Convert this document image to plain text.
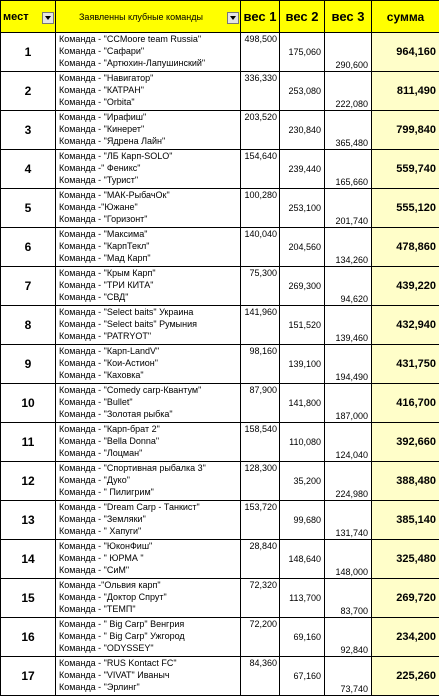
мест	Заявленны клубные команды	вес 1	вес 2	вес 3	сумма
1	Команда - "CCMoore team Russia"
Команда - "Сафари"
Команда - "Артюхин-Лапушинский"	498,500	175,060	290,600	964,160
2	Команда - "Навигатор"
Команда - "КАТРАН"
Команда - "Orbita"	336,330	253,080	222,080	811,490
3	Команда - "Ирафиш"
Команда - "Кинерет"
Команда - "Ядрена Лайн"	203,520	230,840	365,480	799,840
4	Команда - "ЛБ Карп-SOLO"
Команда -" Феникс"
Команда - "Турист"	154,640	239,440	165,660	559,740
5	Команда - "МАК-РыбачОк"
Команда -"Южане"
Команда - "Горизонт"	100,280	253,100	201,740	555,120
6	Команда - "Максима"
Команда - "КарпТекл"
Команда - "Мад Карп"	140,040	204,560	134,260	478,860
7	Команда - "Крым Карп"
Команда - "ТРИ КИТА"
Команда - "СВД"	75,300	269,300	94,620	439,220
8	Команда - "Select baits" Украина
Команда - "Select baits" Румыния
Команда - "PATRYOT"	141,960	151,520	139,460	432,940
9	Команда - "Карп-LandV"
Команда - "Кои-Астион"
Команда - "Каховка"	98,160	139,100	194,490	431,750
10	Команда - "Comedy carp-Квантум"
Команда - "Bullet"
Команда - "Золотая рыбка"	87,900	141,800	187,000	416,700
11	Команда - "Карп-брат 2"
Команда - "Bella Donna"
Команда - "Лоцман"	158,540	110,080	124,040	392,660
12	Команда - "Спортивная рыбалка 3"
Команда - "Дуко"
Команда - " Пилигрим"	128,300	35,200	224,980	388,480
13	Команда - "Dream Carp - Танкист"
Команда - "Земляки"
Команда - " Хапуги"	153,720	99,680	131,740	385,140
14	Команда - "ЮконФиш"
Команда - " ЮРМА "
Команда - "СиМ"	28,840	148,640	148,000	325,480
15	Команда -"Ольвия карп"
Команда - "Доктор Спрут"
Команда - "ТЕМП"	72,320	113,700	83,700	269,720
16	Команда - " Big Carp" Венгрия
Команда - " Big Carp" Ужгород
Команда - "ODYSSEY"	72,200	69,160	92,840	234,200
17	Команда - "RUS Kontact FC"
Команда - "VIVAT" Иваныч
Команда - "Эрлинг"	84,360	67,160	73,740	225,260
